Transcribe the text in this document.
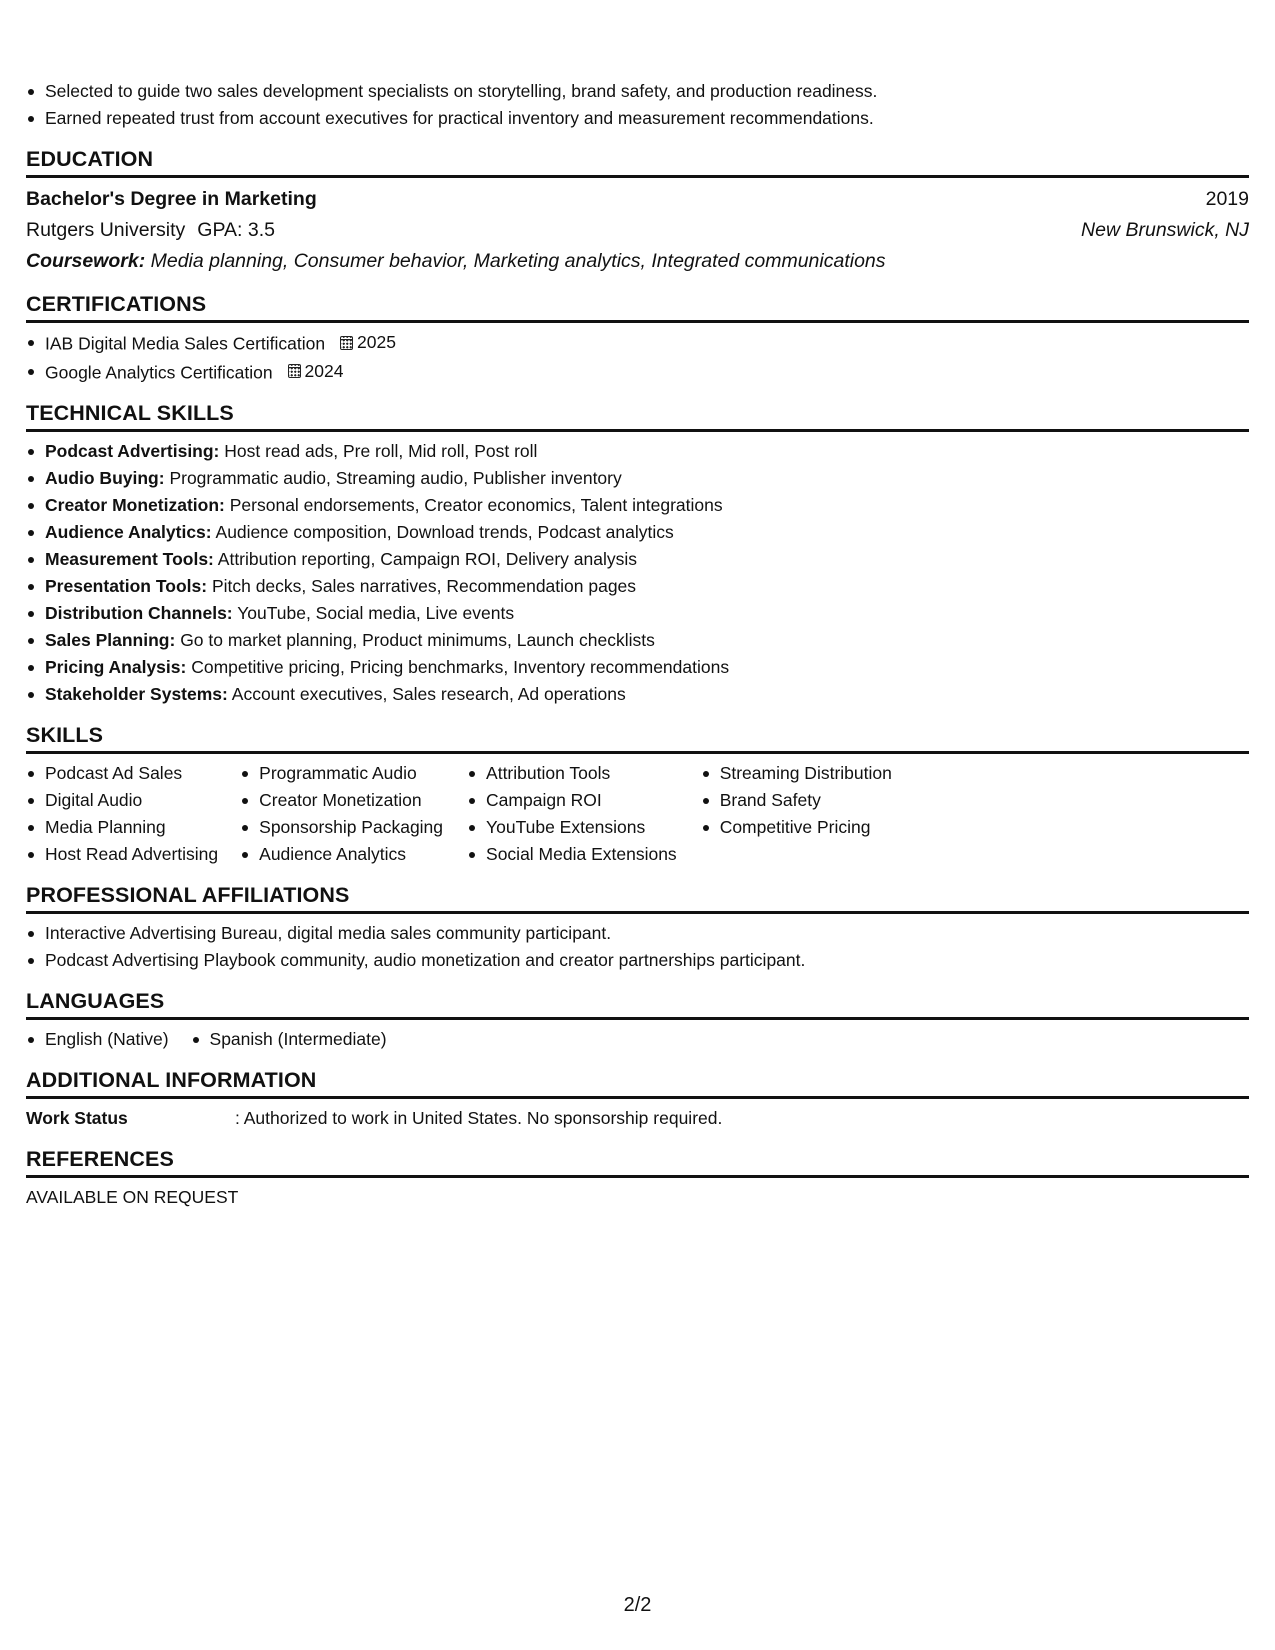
Selected to guide two sales development specialists on storytelling, brand safety, and production readiness.
Earned repeated trust from account executives for practical inventory and measurement recommendations.
EDUCATION
Bachelor's Degree in Marketing	2019
Rutgers University GPA: 3.5	New Brunswick, NJ
Coursework: Media planning, Consumer behavior, Marketing analytics, Integrated communications
CERTIFICATIONS
IAB Digital Media Sales Certification 2025
Google Analytics Certification 2024
TECHNICAL SKILLS
Podcast Advertising: Host read ads, Pre roll, Mid roll, Post roll
Audio Buying: Programmatic audio, Streaming audio, Publisher inventory
Creator Monetization: Personal endorsements, Creator economics, Talent integrations
Audience Analytics: Audience composition, Download trends, Podcast analytics
Measurement Tools: Attribution reporting, Campaign ROI, Delivery analysis
Presentation Tools: Pitch decks, Sales narratives, Recommendation pages
Distribution Channels: YouTube, Social media, Live events
Sales Planning: Go to market planning, Product minimums, Launch checklists
Pricing Analysis: Competitive pricing, Pricing benchmarks, Inventory recommendations
Stakeholder Systems: Account executives, Sales research, Ad operations
SKILLS
Podcast Ad Sales
Digital Audio
Media Planning
Host Read Advertising
Programmatic Audio
Creator Monetization
Sponsorship Packaging
Audience Analytics
Attribution Tools
Campaign ROI
YouTube Extensions
Social Media Extensions
Streaming Distribution
Brand Safety
Competitive Pricing
PROFESSIONAL AFFILIATIONS
Interactive Advertising Bureau, digital media sales community participant.
Podcast Advertising Playbook community, audio monetization and creator partnerships participant.
LANGUAGES
English (Native)	Spanish (Intermediate)
ADDITIONAL INFORMATION
Work Status	: Authorized to work in United States. No sponsorship required.
REFERENCES
AVAILABLE ON REQUEST
2/2
